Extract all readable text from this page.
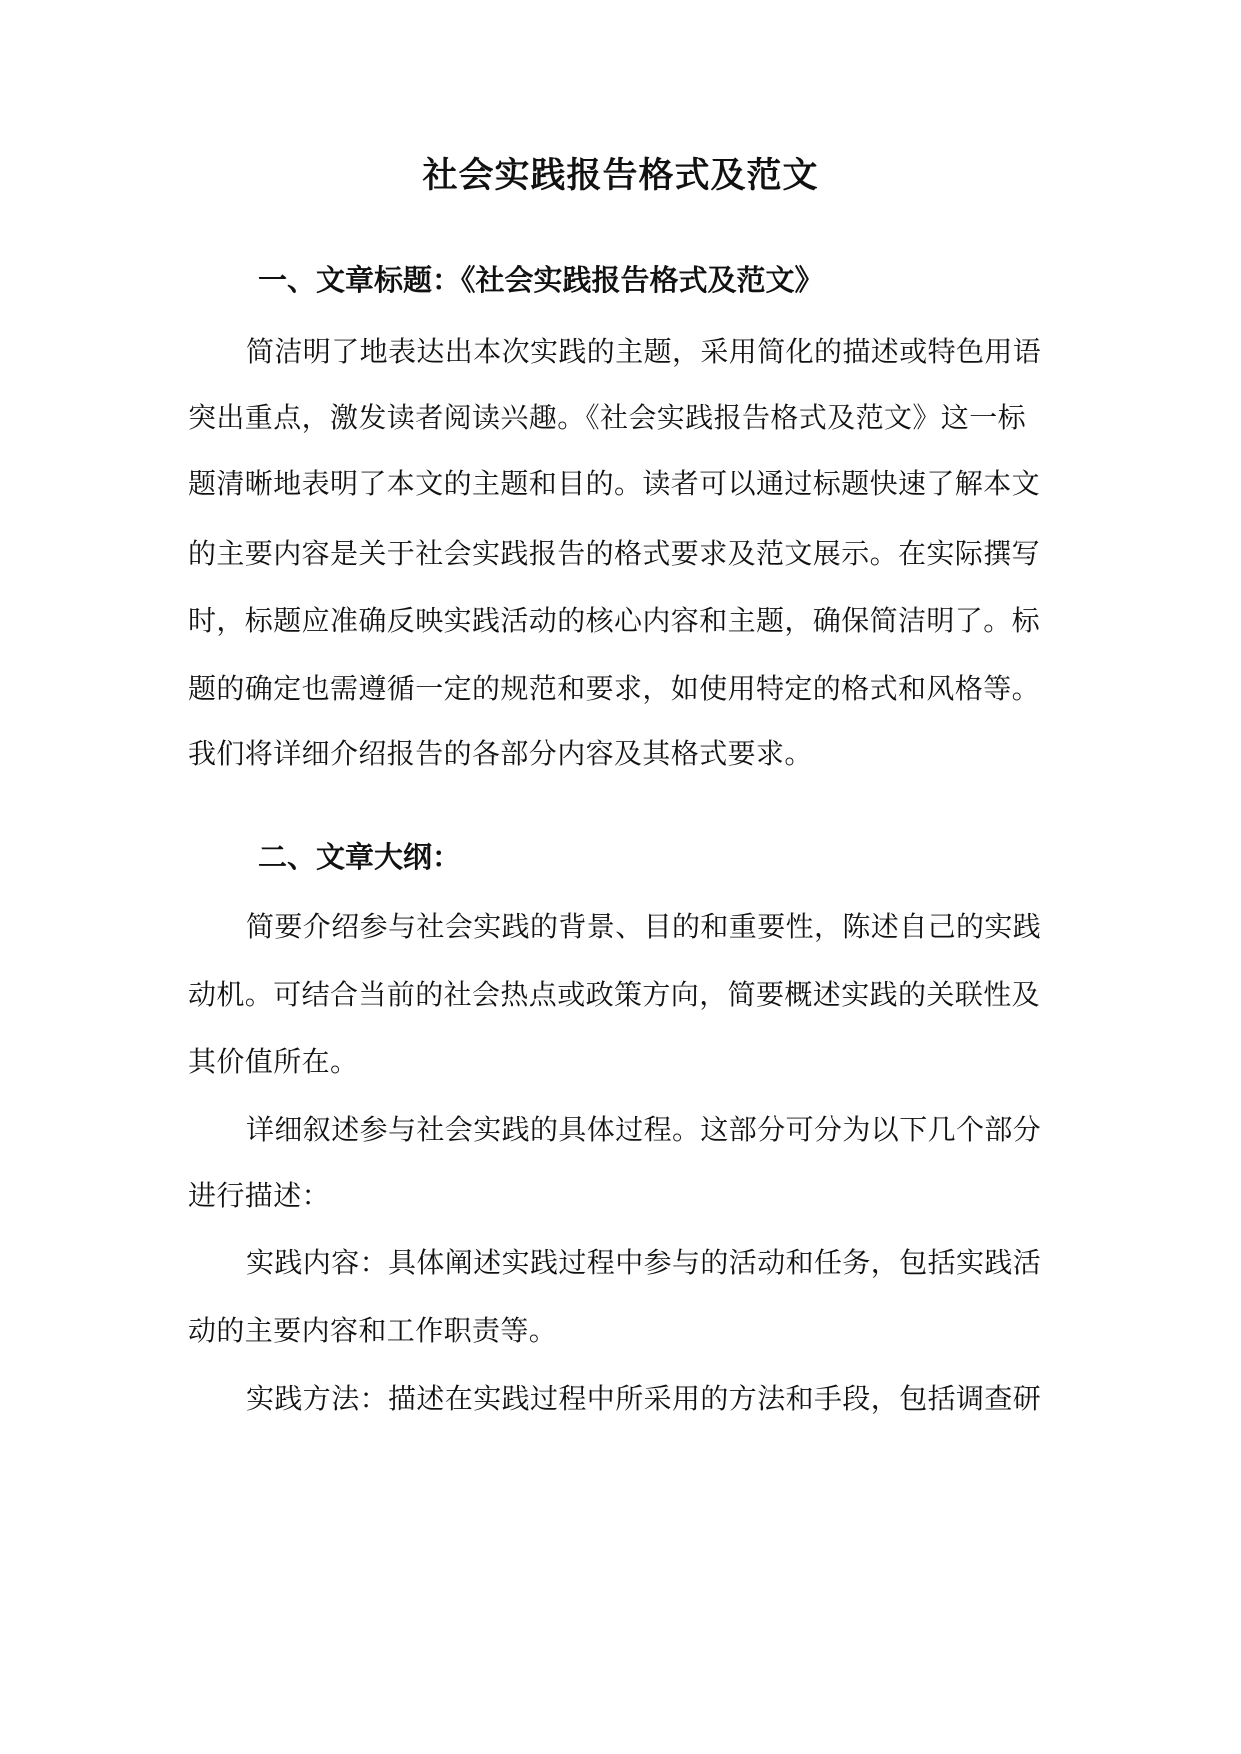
社会实践报告格式及范文
一、文章标题：《社会实践报告格式及范文》
简洁明了地表达出本次实践的主题，采用简化的描述或特色用语
突出重点，激发读者阅读兴趣。《社会实践报告格式及范文》这一标
题清晰地表明了本文的主题和目的。读者可以通过标题快速了解本文
的主要内容是关于社会实践报告的格式要求及范文展示。在实际撰写
时，标题应准确反映实践活动的核心内容和主题，确保简洁明了。标
题的确定也需遵循一定的规范和要求，如使用特定的格式和风格等。
我们将详细介绍报告的各部分内容及其格式要求。
二、文章大纲：
简要介绍参与社会实践的背景、目的和重要性，陈述自己的实践
动机。可结合当前的社会热点或政策方向，简要概述实践的关联性及
其价值所在。
详细叙述参与社会实践的具体过程。这部分可分为以下几个部分
进行描述：
实践内容：具体阐述实践过程中参与的活动和任务，包括实践活
动的主要内容和工作职责等。
实践方法：描述在实践过程中所采用的方法和手段，包括调查研
